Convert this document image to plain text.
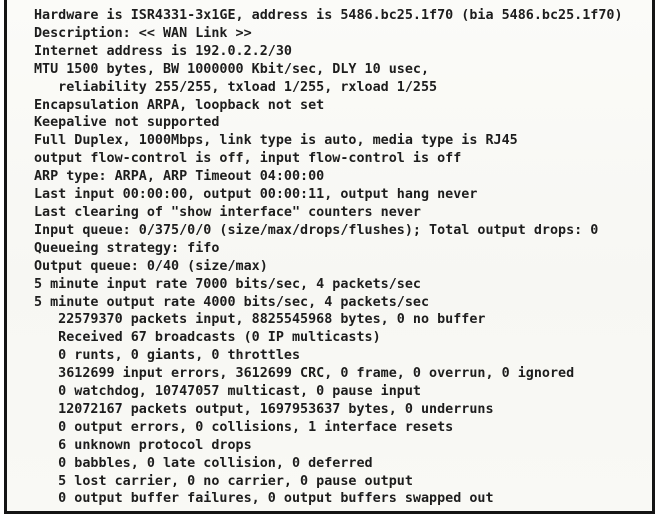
Hardware is ISR4331-3x1GE, address is 5486.bc25.1f70 (bia 5486.bc25.1f70)
Description: << WAN Link >>
Internet address is 192.0.2.2/30
MTU 1500 bytes, BW 1000000 Kbit/sec, DLY 10 usec,
reliability 255/255, txload 1/255, rxload 1/255
Encapsulation ARPA, loopback not set
Keepalive not supported
Full Duplex, 1000Mbps, link type is auto, media type is RJ45
output flow-control is off, input flow-control is off
ARP type: ARPA, ARP Timeout 04:00:00
Last input 00:00:00, output 00:00:11, output hang never
Last clearing of "show interface" counters never
Input queue: 0/375/0/0 (size/max/drops/flushes); Total output drops: 0
Queueing strategy: fifo
Output queue: 0/40 (size/max)
5 minute input rate 7000 bits/sec, 4 packets/sec
5 minute output rate 4000 bits/sec, 4 packets/sec
22579370 packets input, 8825545968 bytes, 0 no buffer
Received 67 broadcasts (0 IP multicasts)
0 runts, 0 giants, 0 throttles
3612699 input errors, 3612699 CRC, 0 frame, 0 overrun, 0 ignored
0 watchdog, 10747057 multicast, 0 pause input
12072167 packets output, 1697953637 bytes, 0 underruns
0 output errors, 0 collisions, 1 interface resets
6 unknown protocol drops
0 babbles, 0 late collision, 0 deferred
5 lost carrier, 0 no carrier, 0 pause output
0 output buffer failures, 0 output buffers swapped out
